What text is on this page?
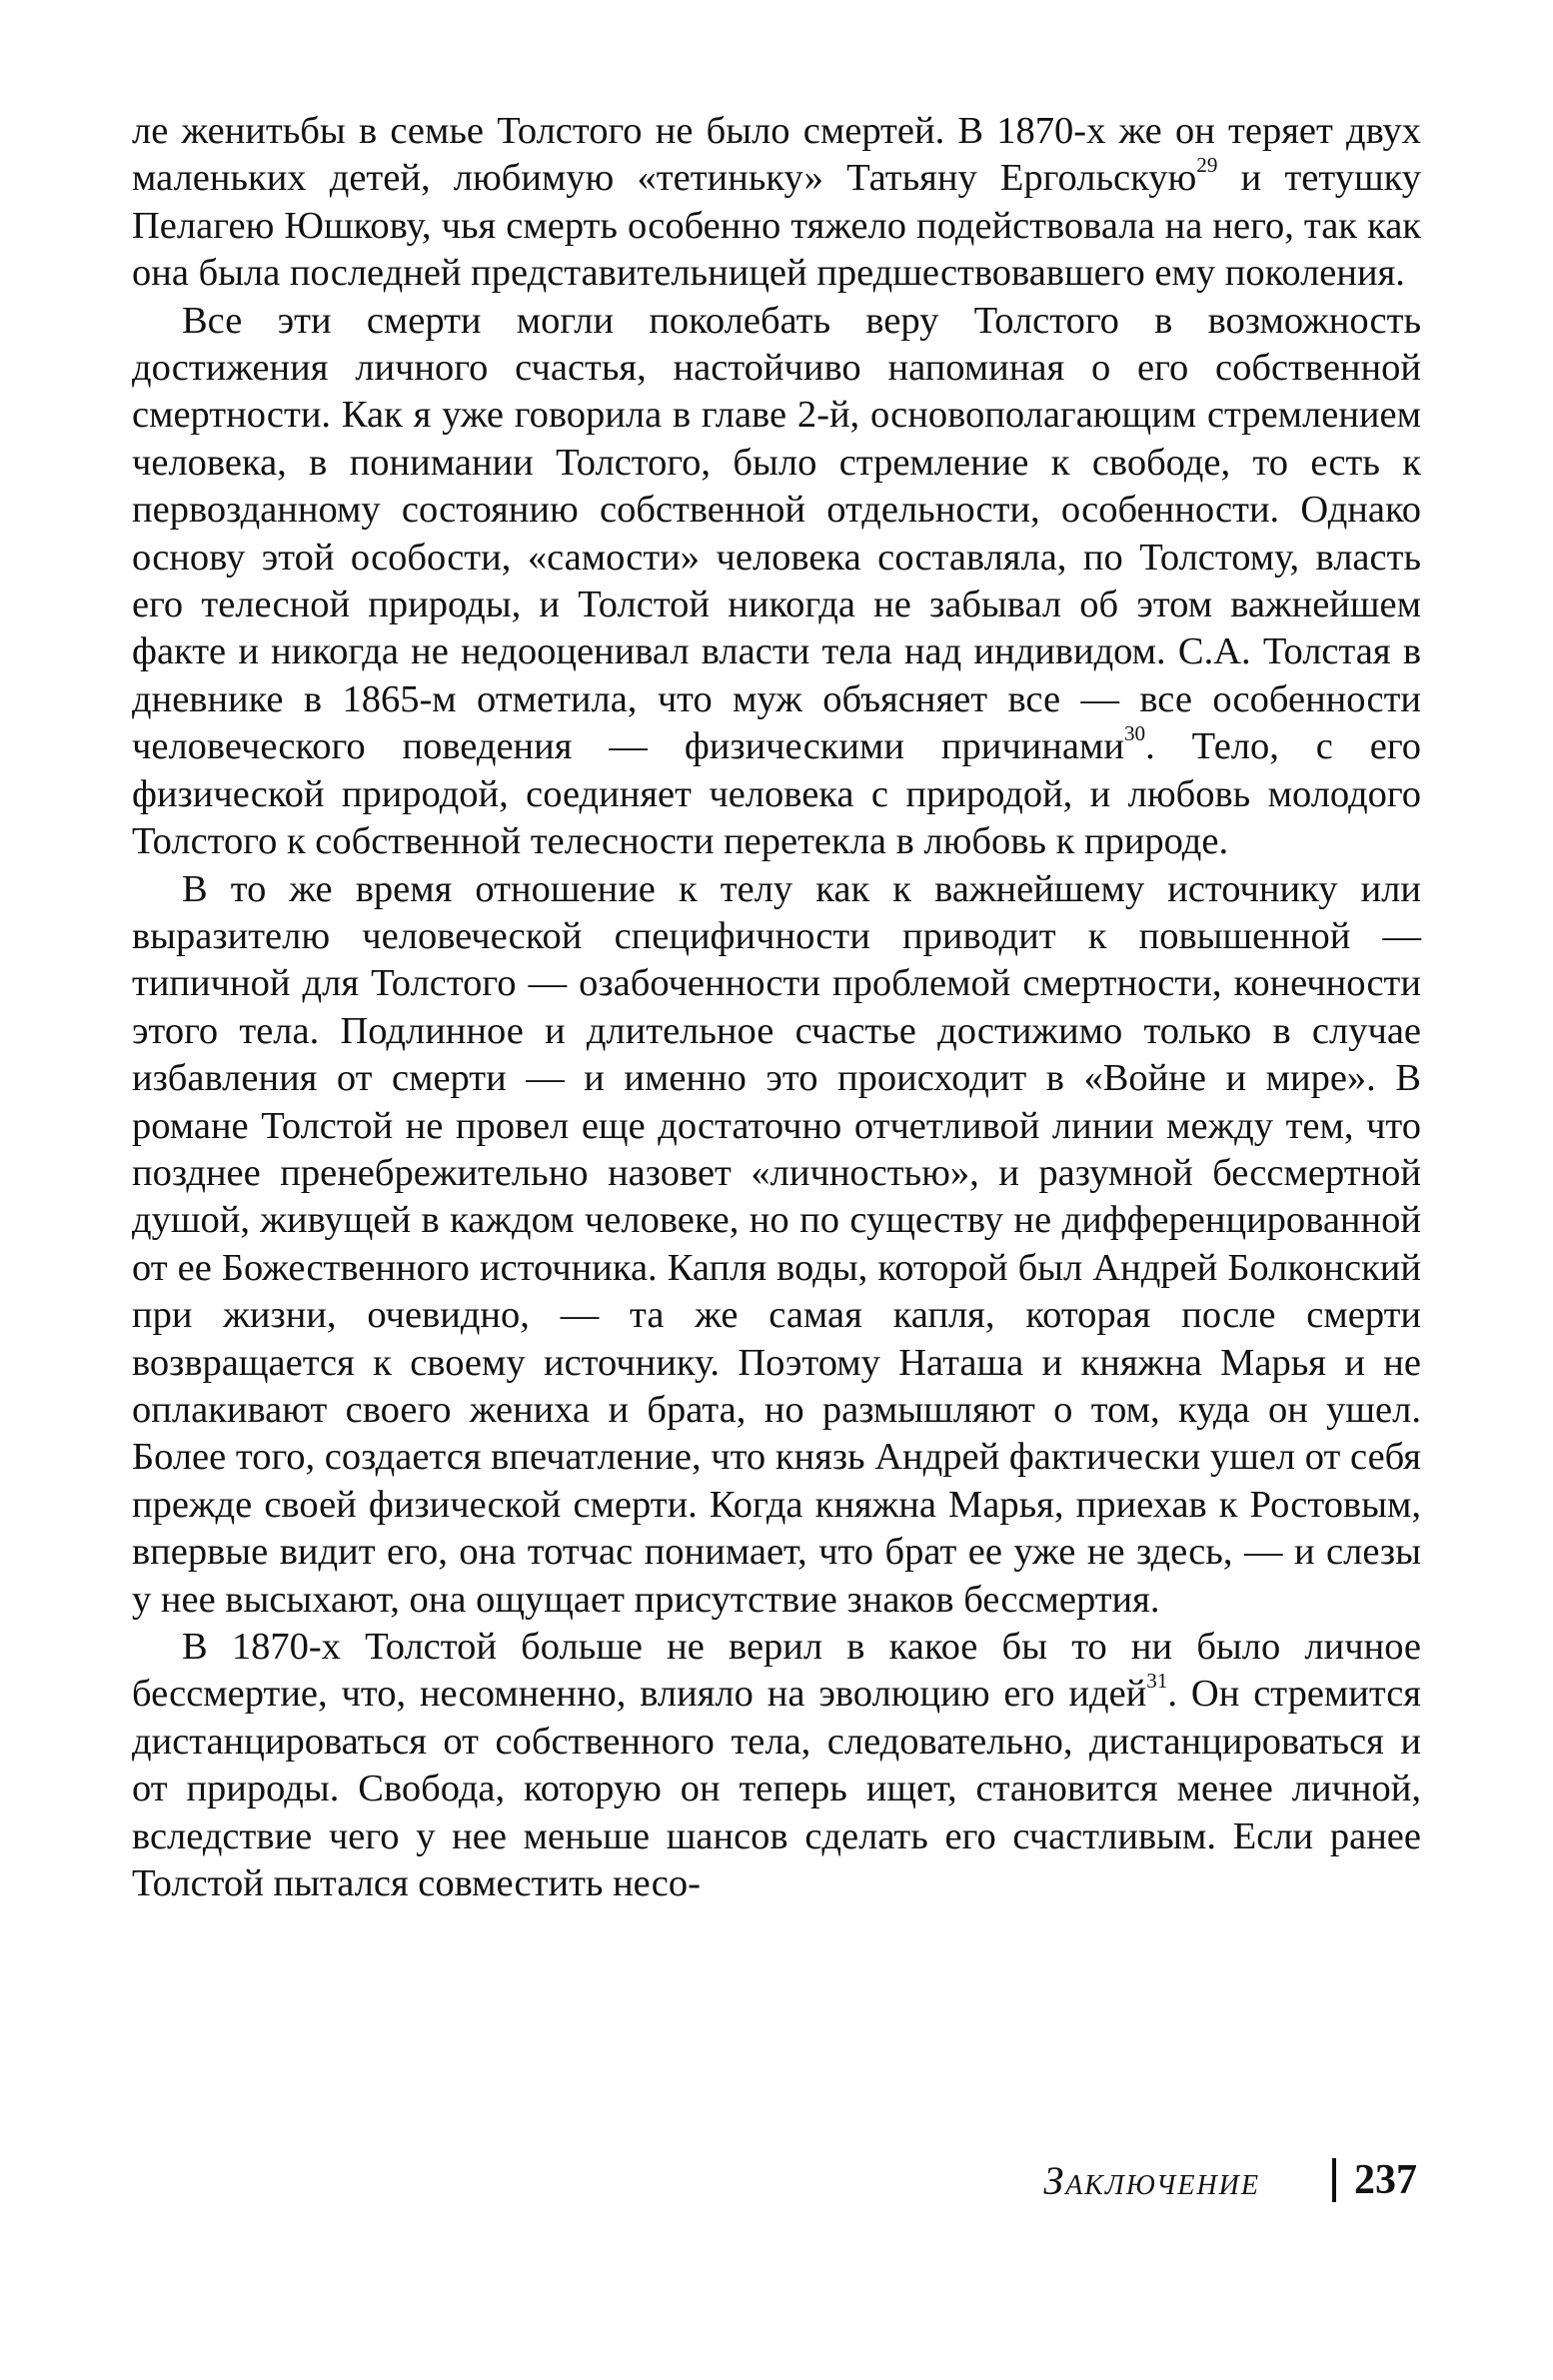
ле женитьбы в семье Толстого не было смертей. В 1870-х же он теряет двух маленьких детей, любимую «тетиньку» Татьяну Ергольскую$^{29}$ и тетушку Пелагею Юшкову, чья смерть особенно тяжело подействовала на него, так как она была последней представительницей предшествовавшего ему поколения.

Все эти смерти могли поколебать веру Толстого в возможность достижения личного счастья, настойчиво напоминая о его собственной смертности. Как я уже говорила в главе 2-й, основополагающим стремлением человека, в понимании Толстого, было стремление к свободе, то есть к первозданному состоянию собственной отдельности, особенности. Однако основу этой особости, «самости» человека составляла, по Толстому, власть его телесной природы, и Толстой никогда не забывал об этом важнейшем факте и никогда не недооценивал власти тела над индивидом. С.А. Толстая в дневнике в 1865-м отметила, что муж объясняет все — все особенности человеческого поведения — физическими причинами$^{30}$. Тело, с его физической природой, соединяет человека с природой, и любовь молодого Толстого к собственной телесности перетекла в любовь к природе.

В то же время отношение к телу как к важнейшему источнику или выразителю человеческой специфичности приводит к повышенной — типичной для Толстого — озабоченности проблемой смертности, конечности этого тела. Подлинное и длительное счастье достижимо только в случае избавления от смерти — и именно это происходит в «Войне и мире». В романе Толстой не провел еще достаточно отчетливой линии между тем, что позднее пренебрежительно назовет «личностью», и разумной бессмертной душой, живущей в каждом человеке, но по существу не дифференцированной от ее Божественного источника. Капля воды, которой был Андрей Болконский при жизни, очевидно, — та же самая капля, которая после смерти возвращается к своему источнику. Поэтому Наташа и княжна Марья и не оплакивают своего жениха и брата, но размышляют о том, куда он ушел. Более того, создается впечатление, что князь Андрей фактически ушел от себя прежде своей физической смерти. Когда княжна Марья, приехав к Ростовым, впервые видит его, она тотчас понимает, что брат ее уже не здесь, — и слезы у нее высыхают, она ощущает присутствие знаков бессмертия.

В 1870-х Толстой больше не верил в какое бы то ни было личное бессмертие, что, несомненно, влияло на эволюцию его идей$^{31}$. Он стремится дистанцироваться от собственного тела, следовательно, дистанцироваться и от природы. Свобода, которую он теперь ищет, становится менее личной, вследствие чего у нее меньше шансов сделать его счастливым. Если ранее Толстой пытался совместить несо-

Заключение 237
